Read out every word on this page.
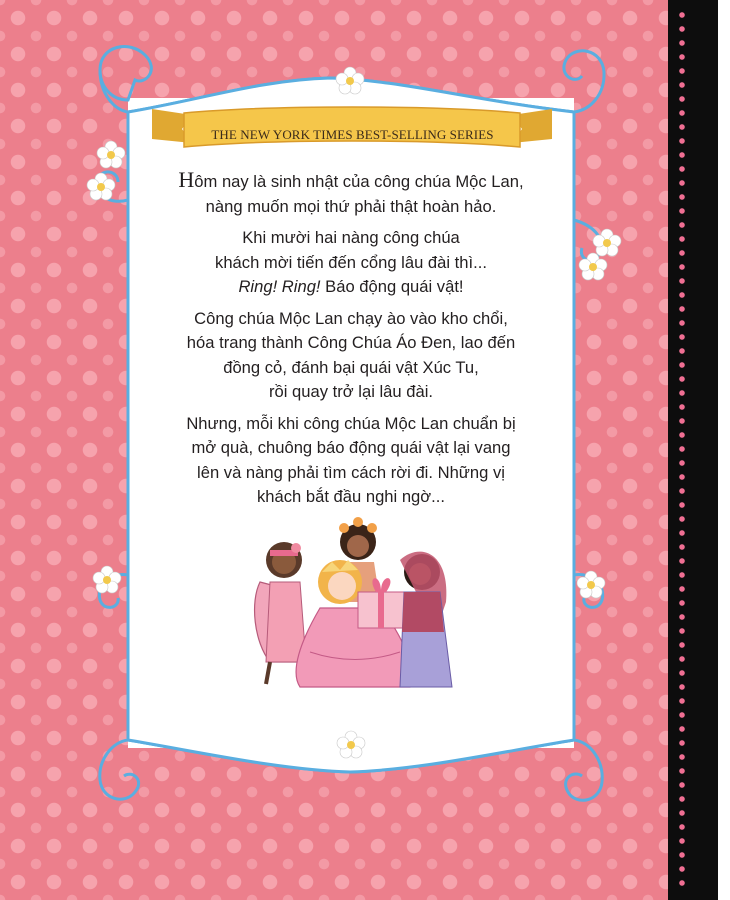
THE NEW YORK TIMES BEST-SELLING SERIES

Hôm nay là sinh nhật của công chúa Mộc Lan,
nàng muốn mọi thứ phải thật hoàn hảo.

Khi mười hai nàng công chúa
khách mời tiến đến cổng lâu đài thì...
Ring! Ring! Báo động quái vật!

Công chúa Mộc Lan chạy ào vào kho chổi,
hóa trang thành Công Chúa Áo Đen, lao đến
đồng cỏ, đánh bại quái vật Xúc Tu,
rồi quay trở lại lâu đài.

Nhưng, mỗi khi công chúa Mộc Lan chuẩn bị
mở quà, chuông báo động quái vật lại vang
lên và nàng phải tìm cách rời đi. Những vị
khách bắt đầu nghi ngờ...
